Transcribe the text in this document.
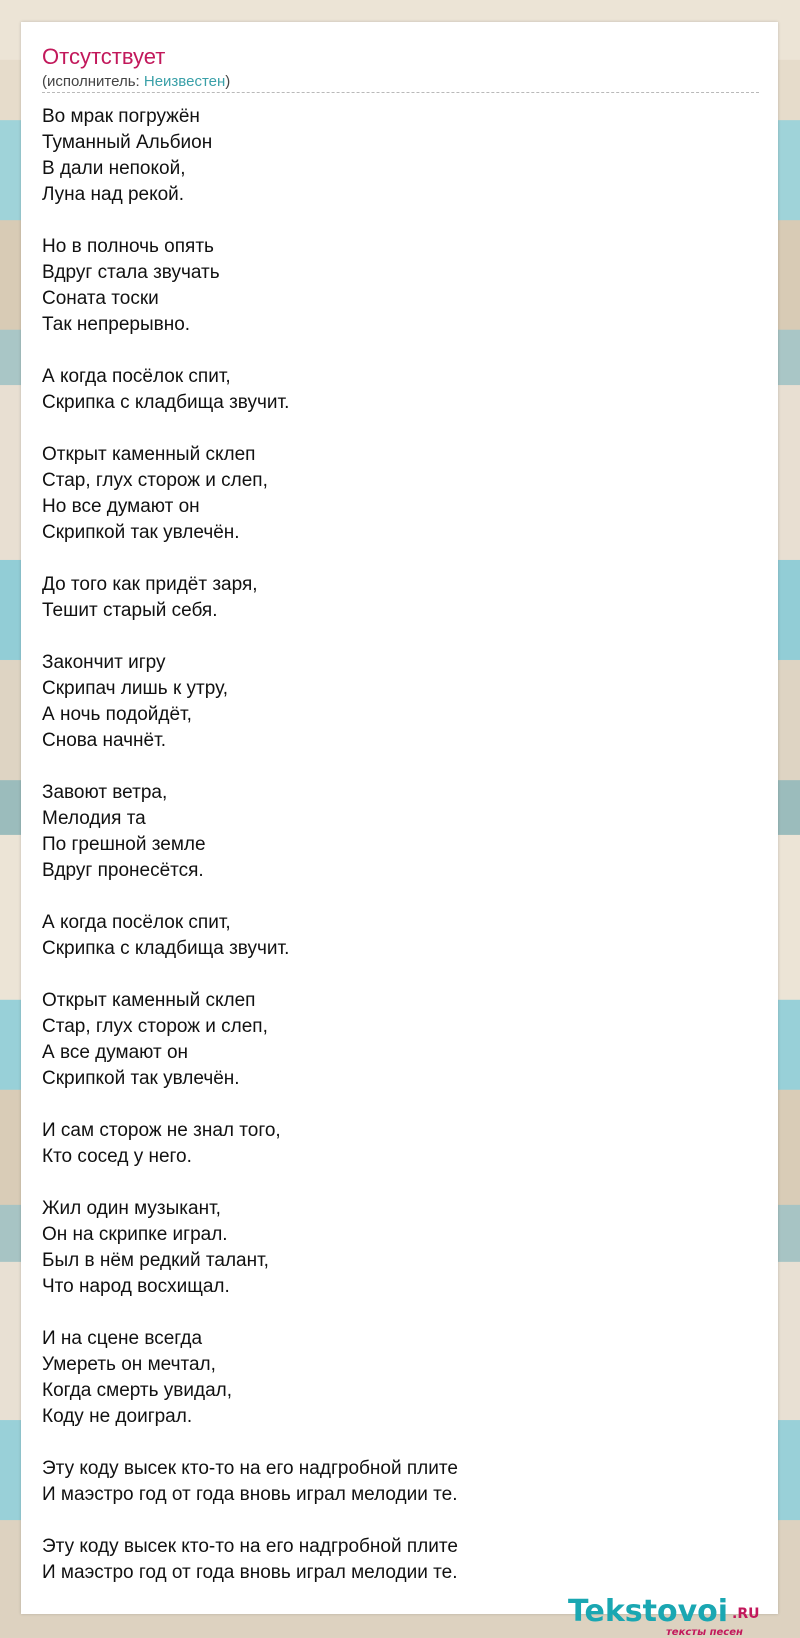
Отсутствует
(исполнитель: Неизвестен)
Во мрак погружён
Туманный Альбион
В дали непокой,
Луна над рекой.
Но в полночь опять
Вдруг стала звучать
Соната тоски
Так непрерывно.
А когда посёлок спит,
Скрипка с кладбища звучит.
Открыт каменный склеп
Стар, глух сторож и слеп,
Но все думают он
Скрипкой так увлечён.
До того как придёт заря,
Тешит старый себя.
Закончит игру
Скрипач лишь к утру,
А ночь подойдёт,
Снова начнёт.
Завоют ветра,
Мелодия та
По грешной земле
Вдруг пронесётся.
А когда посёлок спит,
Скрипка с кладбища звучит.
Открыт каменный склеп
Стар, глух сторож и слеп,
А все думают он
Скрипкой так увлечён.
И сам сторож не знал того,
Кто сосед у него.
Жил один музыкант,
Он на скрипке играл.
Был в нём редкий талант,
Что народ восхищал.
И на сцене всегда
Умереть он мечтал,
Когда смерть увидал,
Коду не доиграл.
Эту коду высек кто-то на его надгробной плите
И маэстро год от года вновь играл мелодии те.
Эту коду высек кто-то на его надгробной плите
И маэстро год от года вновь играл мелодии те.
Tekstovoi .RU
тексты песен
